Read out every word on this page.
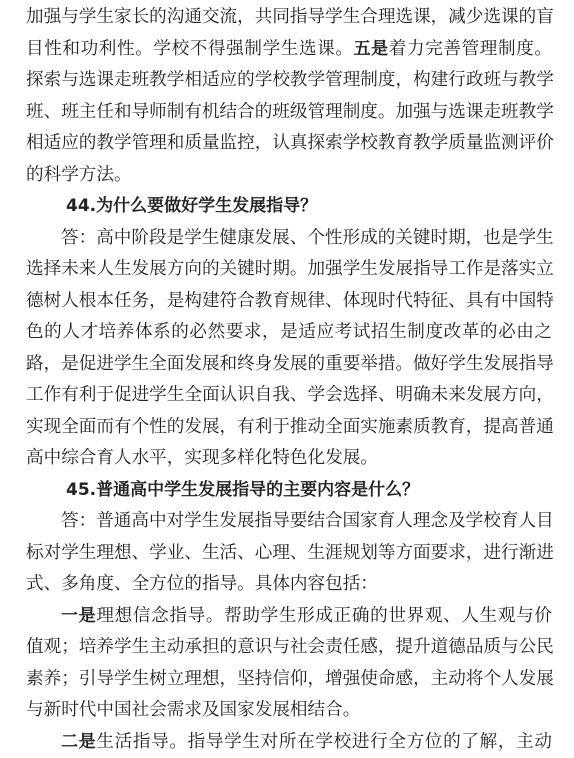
加强与学生家长的沟通交流，共同指导学生合理选课，减少选课的盲
目性和功利性。学校不得强制学生选课。五是着力完善管理制度。
探索与选课走班教学相适应的学校教学管理制度，构建行政班与教学
班、班主任和导师制有机结合的班级管理制度。加强与选课走班教学
相适应的教学管理和质量监控，认真探索学校教育教学质量监测评价
的科学方法。
44.为什么要做好学生发展指导？
答：高中阶段是学生健康发展、个性形成的关键时期，也是学生
选择未来人生发展方向的关键时期。加强学生发展指导工作是落实立
德树人根本任务，是构建符合教育规律、体现时代特征、具有中国特
色的人才培养体系的必然要求，是适应考试招生制度改革的必由之
路，是促进学生全面发展和终身发展的重要举措。做好学生发展指导
工作有利于促进学生全面认识自我、学会选择、明确未来发展方向，
实现全面而有个性的发展，有利于推动全面实施素质教育，提高普通
高中综合育人水平，实现多样化特色化发展。
45.普通高中学生发展指导的主要内容是什么？
答：普通高中对学生发展指导要结合国家育人理念及学校育人目
标对学生理想、学业、生活、心理、生涯规划等方面要求，进行渐进
式、多角度、全方位的指导。具体内容包括：
一是理想信念指导。帮助学生形成正确的世界观、人生观与价
值观；培养学生主动承担的意识与社会责任感，提升道德品质与公民
素养；引导学生树立理想，坚持信仰，增强使命感，主动将个人发展
与新时代中国社会需求及国家发展相结合。
二是生活指导。指导学生对所在学校进行全方位的了解，主动
